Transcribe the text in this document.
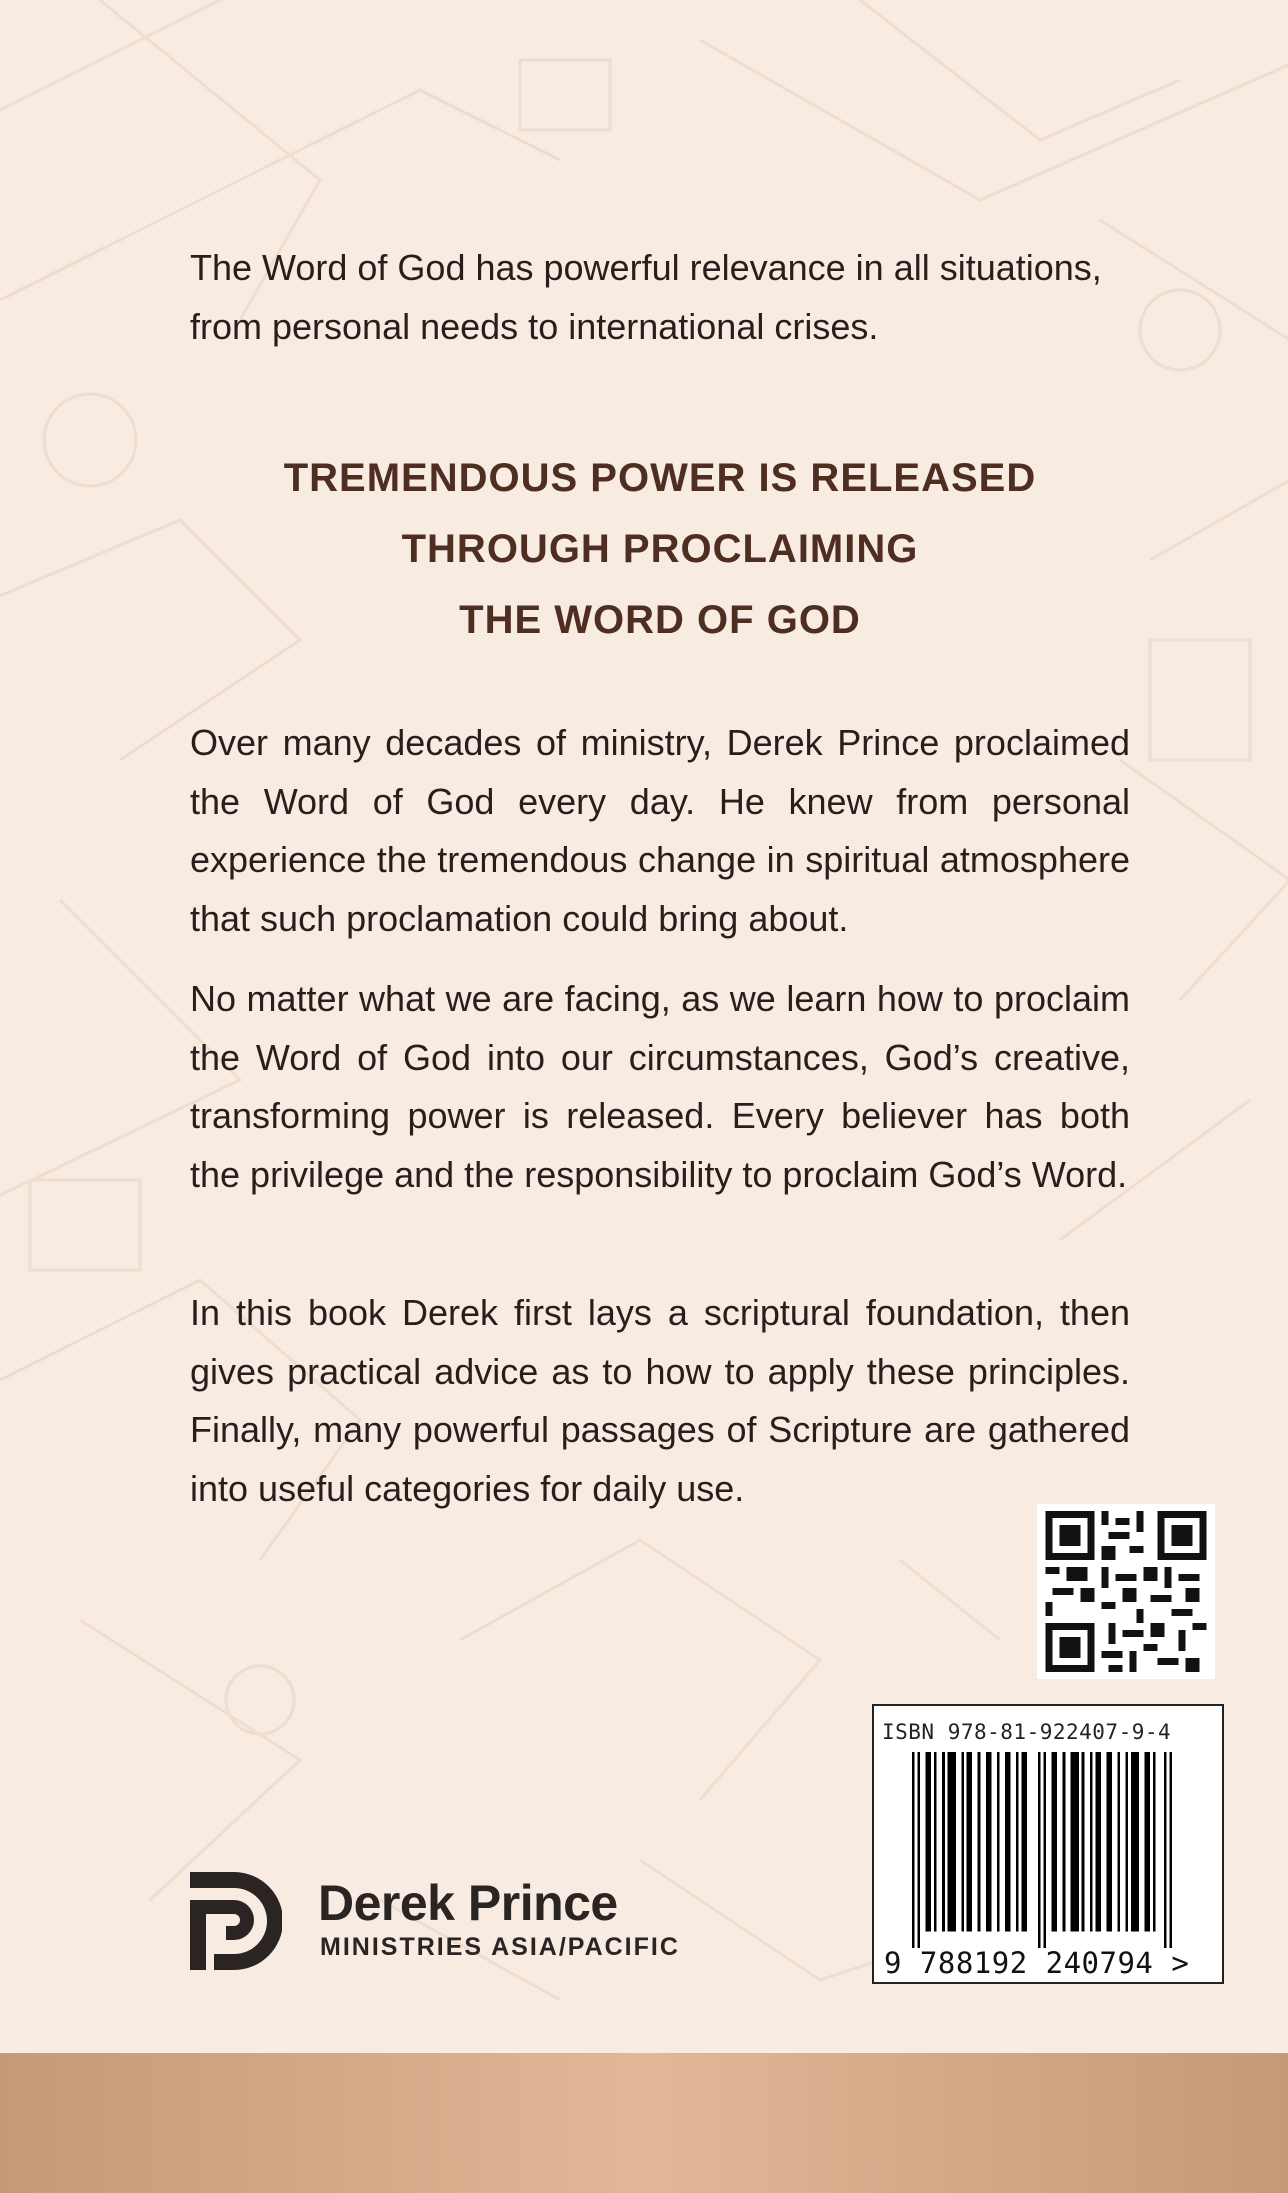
The Word of God has powerful relevance in all situations, from personal needs to international crises.
TREMENDOUS POWER IS RELEASED
THROUGH PROCLAIMING
THE WORD OF GOD

Over many decades of ministry, Derek Prince proclaimed the Word of God every day. He knew from personal experience the tremendous change in spiritual atmosphere that such proclamation could bring about.

No matter what we are facing, as we learn how to proclaim the Word of God into our circumstances, God’s creative, transforming power is released. Every believer has both the privilege and the responsibility to proclaim God’s Word.

In this book Derek first lays a scriptural foundation, then gives practical advice as to how to apply these principles. Finally, many powerful passages of Scripture are gathered into useful categories for daily use.

ISBN 978-81-922407-9-4
9 788192 240794 >
Derek Prince
MINISTRIES ASIA/PACIFIC
